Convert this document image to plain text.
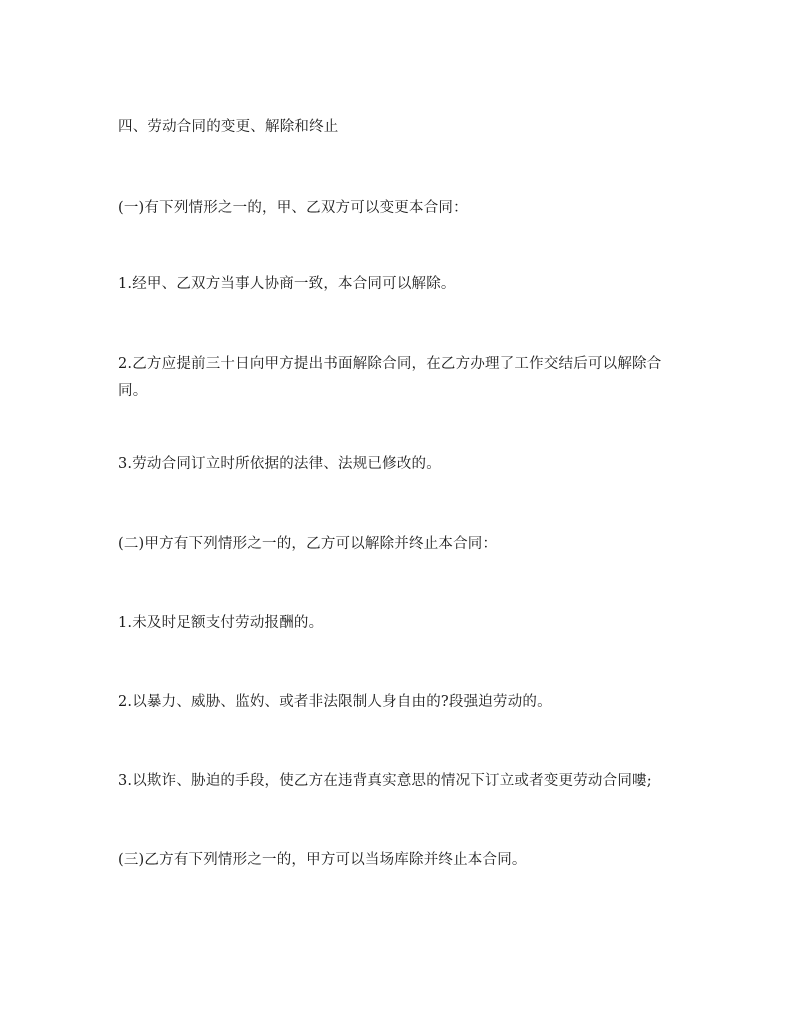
四、劳动合同的变更、解除和终止

(一)有下列情形之一的，甲、乙双方可以变更本合同：

1.经甲、乙双方当事人协商一致，本合同可以解除。

2.乙方应提前三十日向甲方提出书面解除合同，在乙方办理了工作交结后可以解除合同。

3.劳动合同订立时所依据的法律、法规已修改的。

(二)甲方有下列情形之一的，乙方可以解除并终止本合同：

1.未及时足额支付劳动报酬的。

2.以暴力、威胁、监妁、或者非法限制人身自由的?段强迫劳动的。

3.以欺诈、胁迫的手段，使乙方在违背真实意思的情况下订立或者变更劳动合同嘍;

(三)乙方有下列情形之一的，甲方可以当场库除并终止本合同。
